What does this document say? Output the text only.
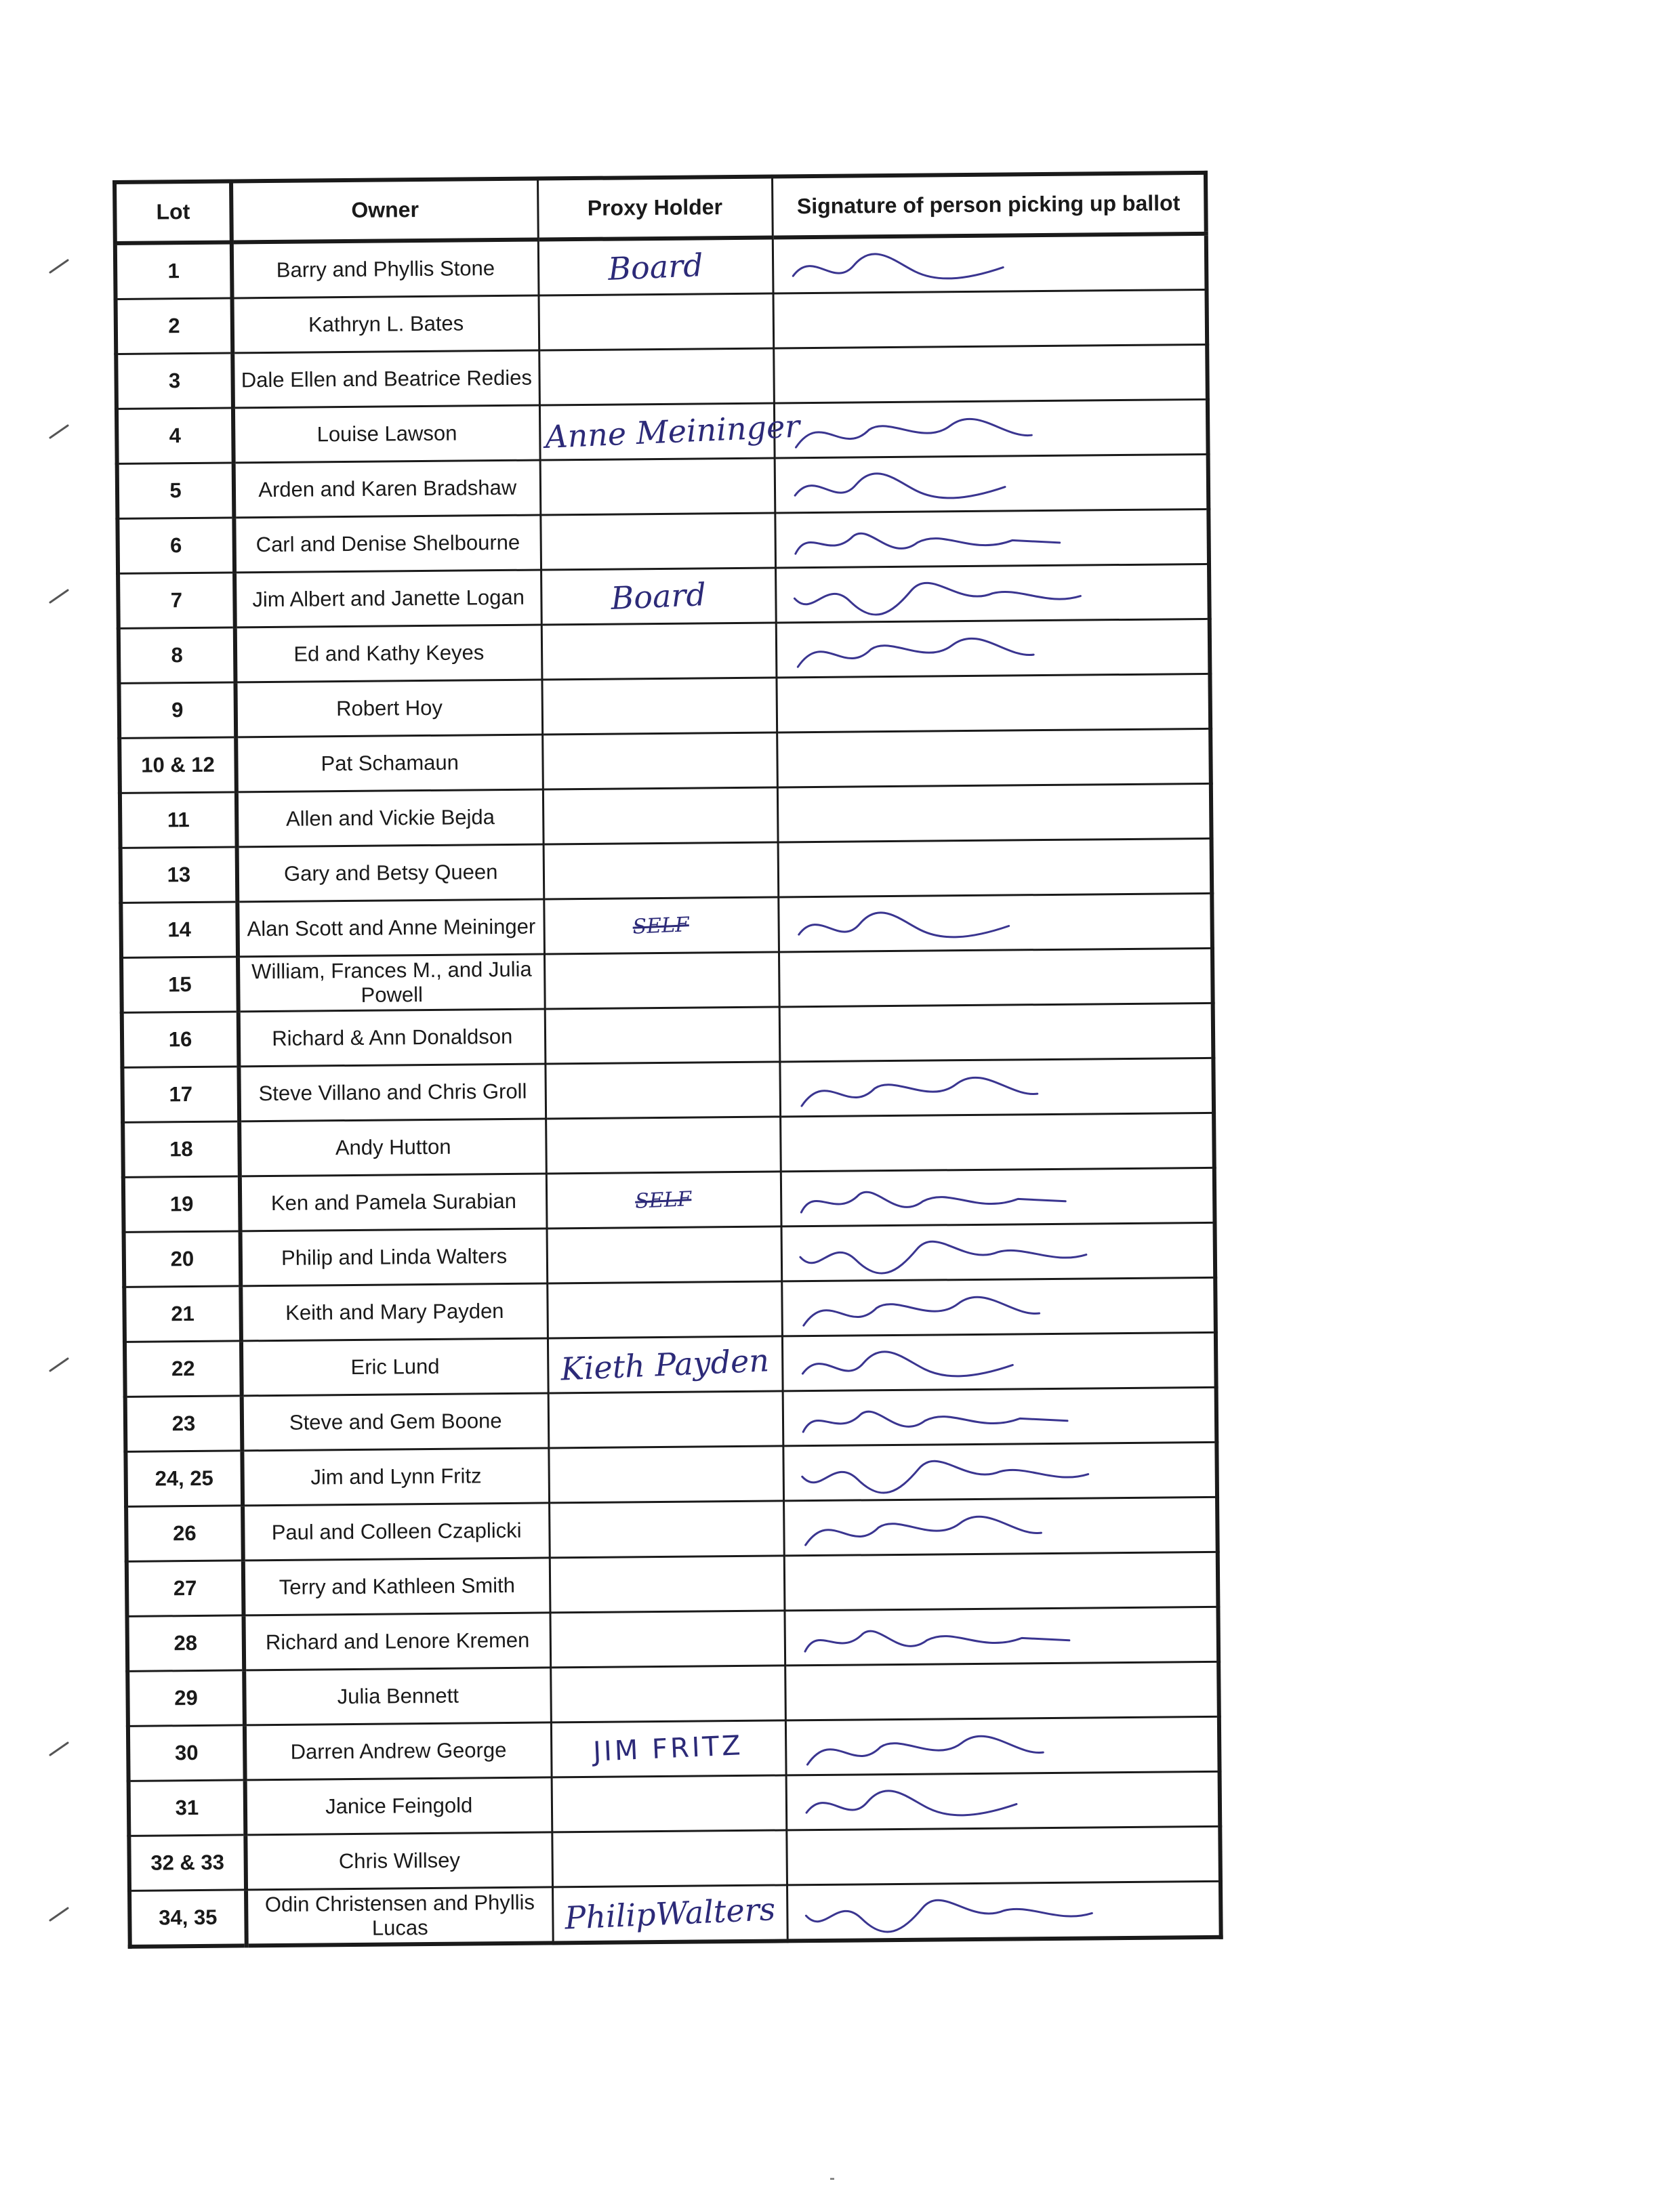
Lot	Owner	Proxy Holder	Signature of person picking up ballot
1	Barry and Phyllis Stone	Board	

2	Kathryn L. Bates		
3	Dale Ellen and Beatrice Redies		
4	Louise Lawson	Anne Meininger	

5	Arden and Karen Bradshaw		

6	Carl and Denise Shelbourne		

7	Jim Albert and Janette Logan	Board	

8	Ed and Kathy Keyes		

9	Robert Hoy		
10 & 12	Pat Schamaun		
11	Allen and Vickie Bejda		
13	Gary and Betsy Queen		
14	Alan Scott and Anne Meininger	SELF	

15	William, Frances M., and Julia Powell		
16	Richard & Ann Donaldson		
17	Steve Villano and Chris Groll		

18	Andy Hutton		
19	Ken and Pamela Surabian	SELF	

20	Philip and Linda Walters		

21	Keith and Mary Payden		

22	Eric Lund	Kieth Payden	

23	Steve and Gem Boone		

24, 25	Jim and Lynn Fritz		

26	Paul and Colleen Czaplicki		

27	Terry and Kathleen Smith		
28	Richard and Lenore Kremen		

29	Julia Bennett		
30	Darren Andrew George	JIM FRITZ	

31	Janice Feingold		

32 & 33	Chris Willsey		
34, 35	Odin Christensen and Phyllis Lucas	PhilipWalters	
